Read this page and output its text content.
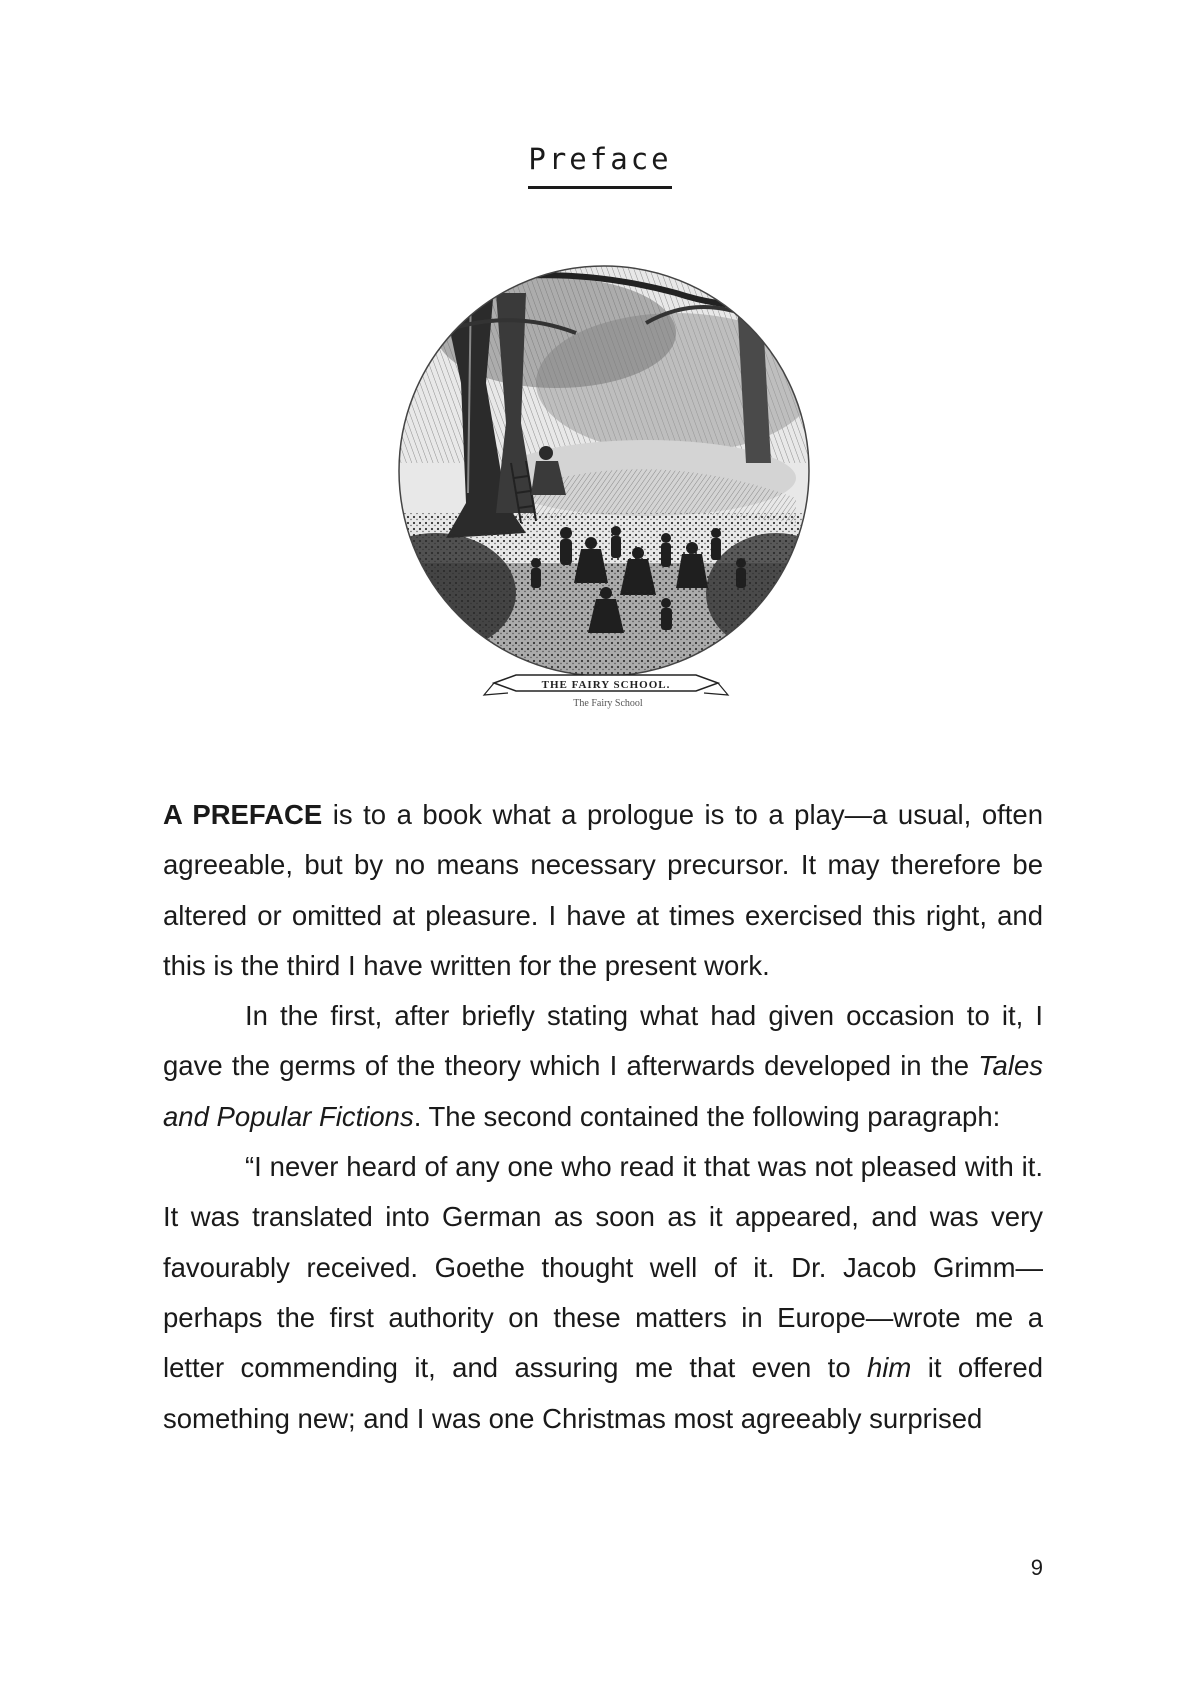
Preface
THE FAIRY SCHOOL.
The Fairy School

A PREFACE is to a book what a prologue is to a play—a usual, often agreeable, but by no means necessary precursor. It may therefore be altered or omitted at pleasure. I have at times exercised this right, and this is the third I have written for the present work.

In the first, after briefly stating what had given occasion to it, I gave the germs of the theory which I afterwards developed in the Tales and Popular Fictions. The second contained the following paragraph:

“I never heard of any one who read it that was not pleased with it. It was translated into German as soon as it appeared, and was very favourably received. Goethe thought well of it. Dr. Jacob Grimm—perhaps the first authority on these matters in Europe—wrote me a letter commending it, and assuring me that even to him it offered something new; and I was one Christmas most agreeably surprised

9
